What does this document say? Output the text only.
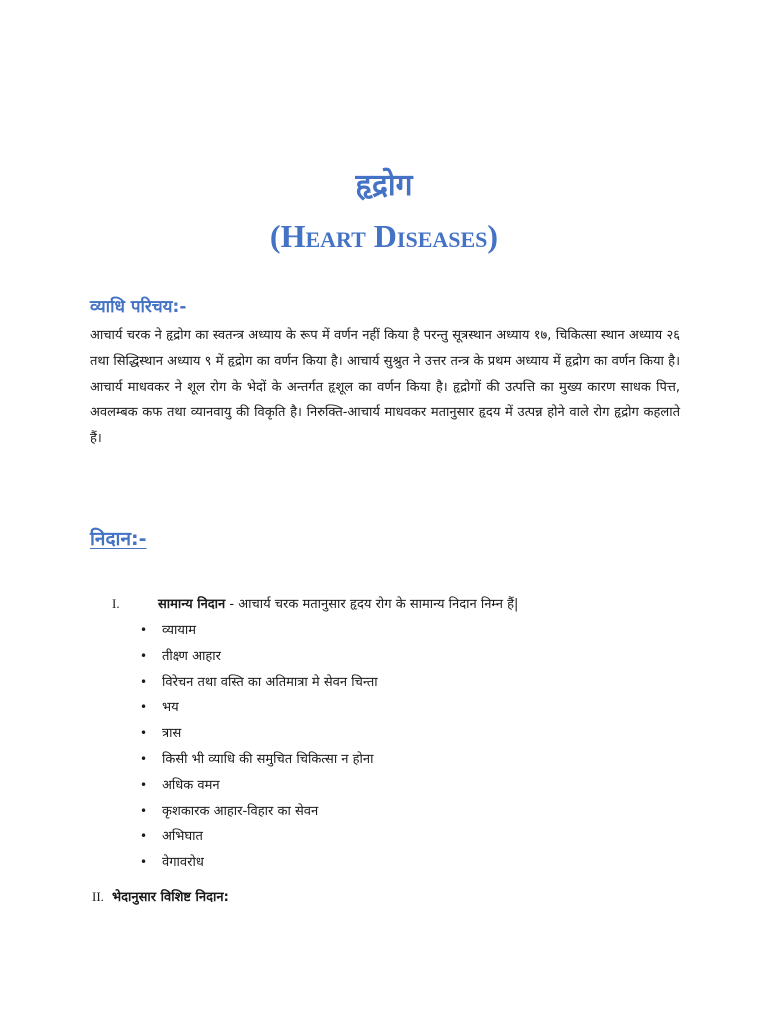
हृद्रोग
(Heart Diseases)
व्याधि परिचय:-

आचार्य चरक ने हृद्रोग का स्वतन्त्र अध्याय के रूप में वर्णन नहीं किया है परन्तु सूत्रस्थान अध्याय १७, चिकित्सा स्थान अध्याय २६ तथा सिद्धिस्थान अध्याय ९ में हृद्रोग का वर्णन किया है। आचार्य सुश्रुत ने उत्तर तन्त्र के प्रथम अध्याय में हृद्रोग का वर्णन किया है। आचार्य माधवकर ने शूल रोग के भेदों के अन्तर्गत हृशूल का वर्णन किया है। हृद्रोगों की उत्पत्ति का मुख्य कारण साधक पित्त, अवलम्बक कफ तथा व्यानवायु की विकृति है। निरुक्ति-आचार्य माधवकर मतानुसार हृदय में उत्पन्न होने वाले रोग हृद्रोग कहलाते हैं।

निदान:-
I.	सामान्य निदान - आचार्य चरक मतानुसार हृदय रोग के सामान्य निदान निम्न हैं|
• व्यायाम
• तीक्ष्ण आहार
• विरेचन तथा वस्ति का अतिमात्रा मे सेवन चिन्ता
• भय
• त्रास
• किसी भी व्याधि की समुचित चिकित्सा न होना
• अधिक वमन
• कृशकारक आहार-विहार का सेवन
• अभिघात
• वेगावरोध
II. भेदानुसार विशिष्ट निदान:
